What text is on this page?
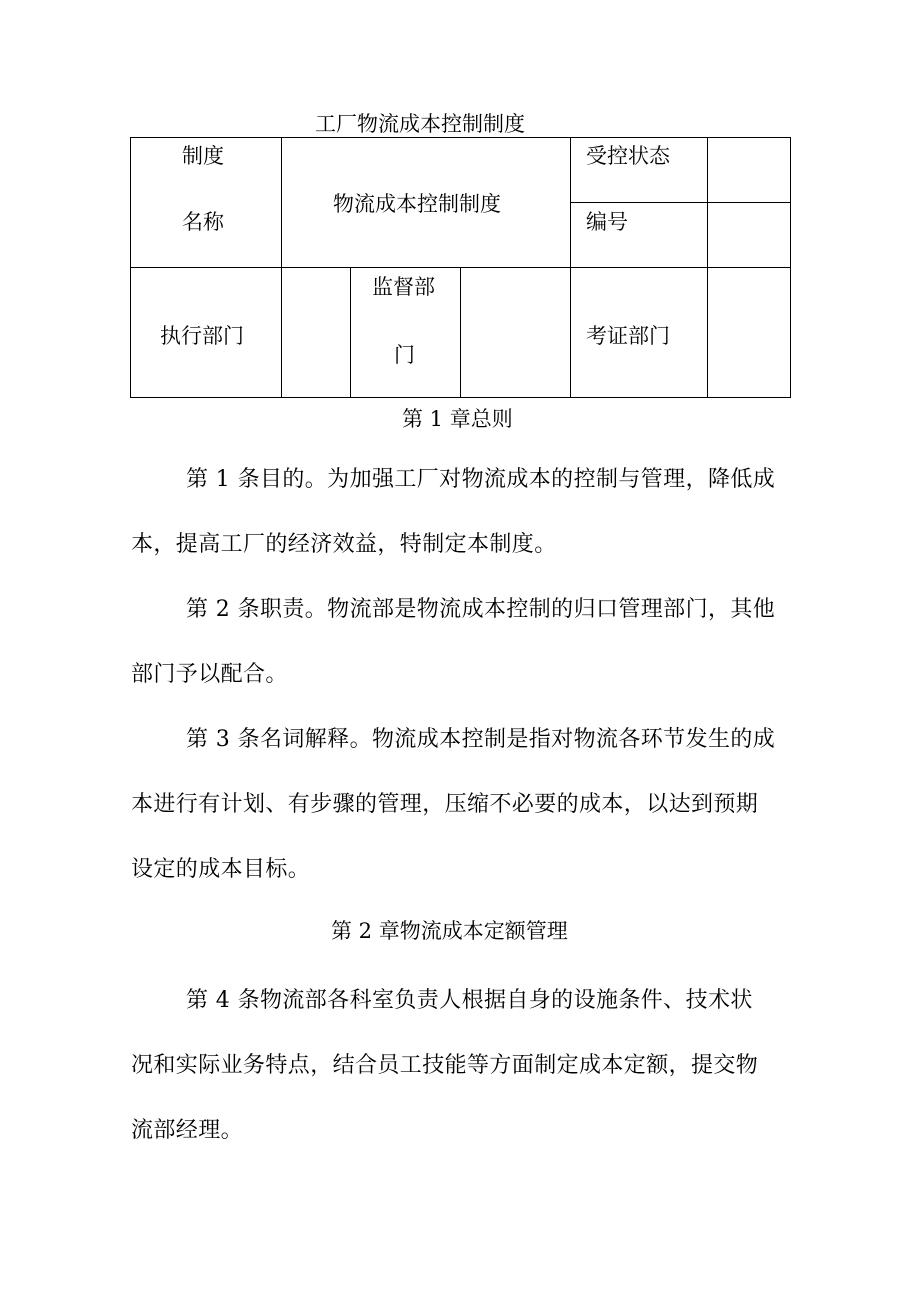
工厂物流成本控制制度
制度
名称
物流成本控制制度
受控状态
编号
执行部门
监督部
门
考证部门
第 1 章总则
第 1 条目的。为加强工厂对物流成本的控制与管理，降低成
本，提高工厂的经济效益，特制定本制度。
第 2 条职责。物流部是物流成本控制的归口管理部门，其他
部门予以配合。
第 3 条名词解释。物流成本控制是指对物流各环节发生的成
本进行有计划、有步骤的管理，压缩不必要的成本，以达到预期
设定的成本目标。
第 2 章物流成本定额管理
第 4 条物流部各科室负责人根据自身的设施条件、技术状
况和实际业务特点，结合员工技能等方面制定成本定额，提交物
流部经理。
